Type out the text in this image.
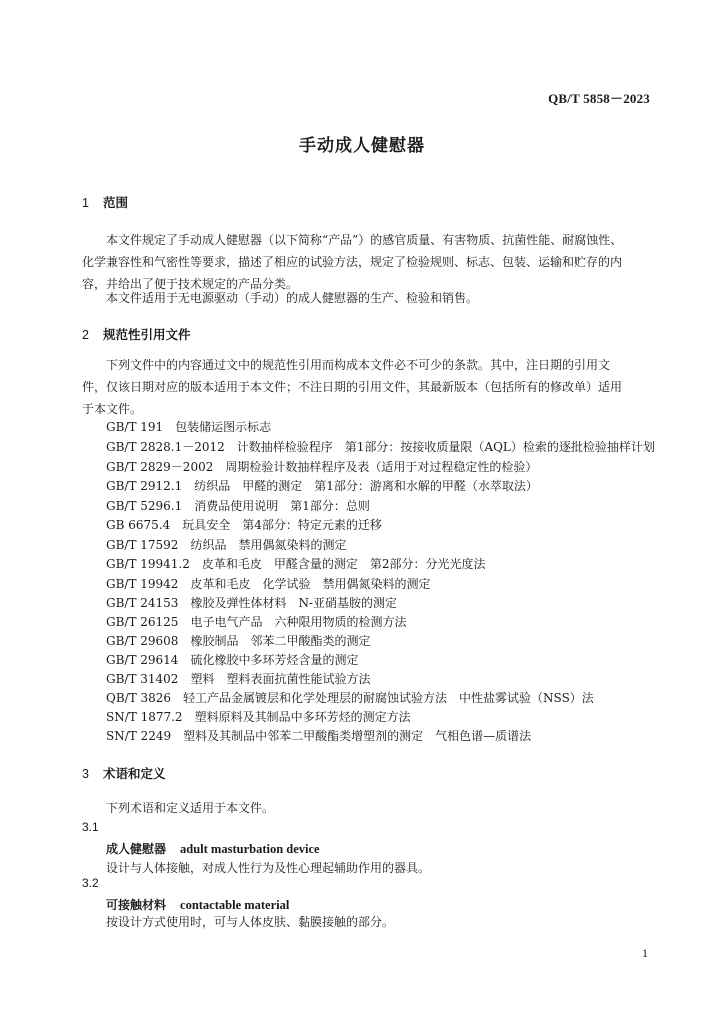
QB/T 5858－2023
手动成人健慰器
1 范围
本文件规定了手动成人健慰器（以下简称“产品”）的感官质量、有害物质、抗菌性能、耐腐蚀性、
化学兼容性和气密性等要求，描述了相应的试验方法，规定了检验规则、标志、包装、运输和贮存的内
容，并给出了便于技术规定的产品分类。
本文件适用于无电源驱动（手动）的成人健慰器的生产、检验和销售。
2 规范性引用文件
下列文件中的内容通过文中的规范性引用而构成本文件必不可少的条款。其中，注日期的引用文
件，仅该日期对应的版本适用于本文件；不注日期的引用文件，其最新版本（包括所有的修改单）适用
于本文件。
GB/T 191　包装储运图示标志
GB/T 2828.1－2012　计数抽样检验程序　第1部分：按接收质量限（AQL）检索的逐批检验抽样计划
GB/T 2829－2002　周期检验计数抽样程序及表（适用于对过程稳定性的检验）
GB/T 2912.1　纺织品　甲醛的测定　第1部分：游离和水解的甲醛（水萃取法）
GB/T 5296.1　消费品使用说明　第1部分：总则
GB 6675.4　玩具安全　第4部分：特定元素的迁移
GB/T 17592　纺织品　禁用偶氮染料的测定
GB/T 19941.2　皮革和毛皮　甲醛含量的测定　第2部分：分光光度法
GB/T 19942　皮革和毛皮　化学试验　禁用偶氮染料的测定
GB/T 24153　橡胶及弹性体材料　N-亚硝基胺的测定
GB/T 26125　电子电气产品　六种限用物质的检测方法
GB/T 29608　橡胶制品　邻苯二甲酸酯类的测定
GB/T 29614　硫化橡胶中多环芳烃含量的测定
GB/T 31402　塑料　塑料表面抗菌性能试验方法
QB/T 3826　轻工产品金属镀层和化学处理层的耐腐蚀试验方法　中性盐雾试验（NSS）法
SN/T 1877.2　塑料原料及其制品中多环芳烃的测定方法
SN/T 2249　塑料及其制品中邻苯二甲酸酯类增塑剂的测定　气相色谱—质谱法
3 术语和定义
下列术语和定义适用于本文件。
3.1
成人健慰器 adult masturbation device
设计与人体接触，对成人性行为及性心理起辅助作用的器具。
3.2
可接触材料 contactable material
按设计方式使用时，可与人体皮肤、黏膜接触的部分。
1
